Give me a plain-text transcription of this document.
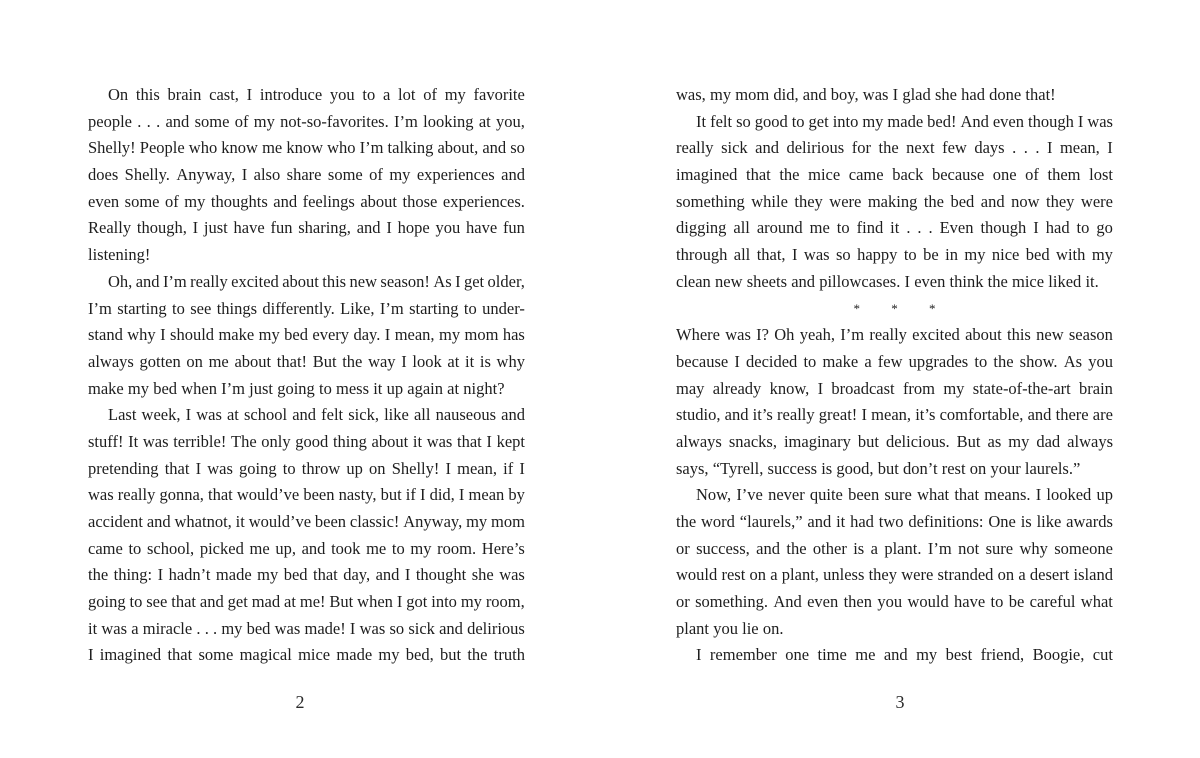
On this brain cast, I introduce you to a lot of my favorite
people . . . and some of my not-so-favorites. I’m looking at you,
Shelly! People who know me know who I’m talking about, and so
does Shelly. Anyway, I also share some of my experiences and
even some of my thoughts and feelings about those experiences.
Really though, I just have fun sharing, and I hope you have fun
listening!
Oh, and I’m really excited about this new season! As I get older,
I’m starting to see things differently. Like, I’m starting to under-
stand why I should make my bed every day. I mean, my mom has
always gotten on me about that! But the way I look at it is why
make my bed when I’m just going to mess it up again at night?
Last week, I was at school and felt sick, like all nauseous and
stuff! It was terrible! The only good thing about it was that I kept
pretending that I was going to throw up on Shelly! I mean, if I
was really gonna, that would’ve been nasty, but if I did, I mean by
accident and whatnot, it would’ve been classic! Anyway, my mom
came to school, picked me up, and took me to my room. Here’s
the thing: I hadn’t made my bed that day, and I thought she was
going to see that and get mad at me! But when I got into my room,
it was a miracle . . . my bed was made! I was so sick and delirious
I imagined that some magical mice made my bed, but the truth
2
was, my mom did, and boy, was I glad she had done that!
It felt so good to get into my made bed! And even though I was
really sick and delirious for the next few days . . . I mean, I
imagined that the mice came back because one of them lost
something while they were making the bed and now they were
digging all around me to find it . . . Even though I had to go
through all that, I was so happy to be in my nice bed with my
clean new sheets and pillowcases. I even think the mice liked it.
* * *
Where was I? Oh yeah, I’m really excited about this new season
because I decided to make a few upgrades to the show. As you
may already know, I broadcast from my state-of-the-art brain
studio, and it’s really great! I mean, it’s comfortable, and there are
always snacks, imaginary but delicious. But as my dad always
says, “Tyrell, success is good, but don’t rest on your laurels.”
Now, I’ve never quite been sure what that means. I looked up
the word “laurels,” and it had two definitions: One is like awards
or success, and the other is a plant. I’m not sure why someone
would rest on a plant, unless they were stranded on a desert island
or something. And even then you would have to be careful what
plant you lie on.
I remember one time me and my best friend, Boogie, cut
3
